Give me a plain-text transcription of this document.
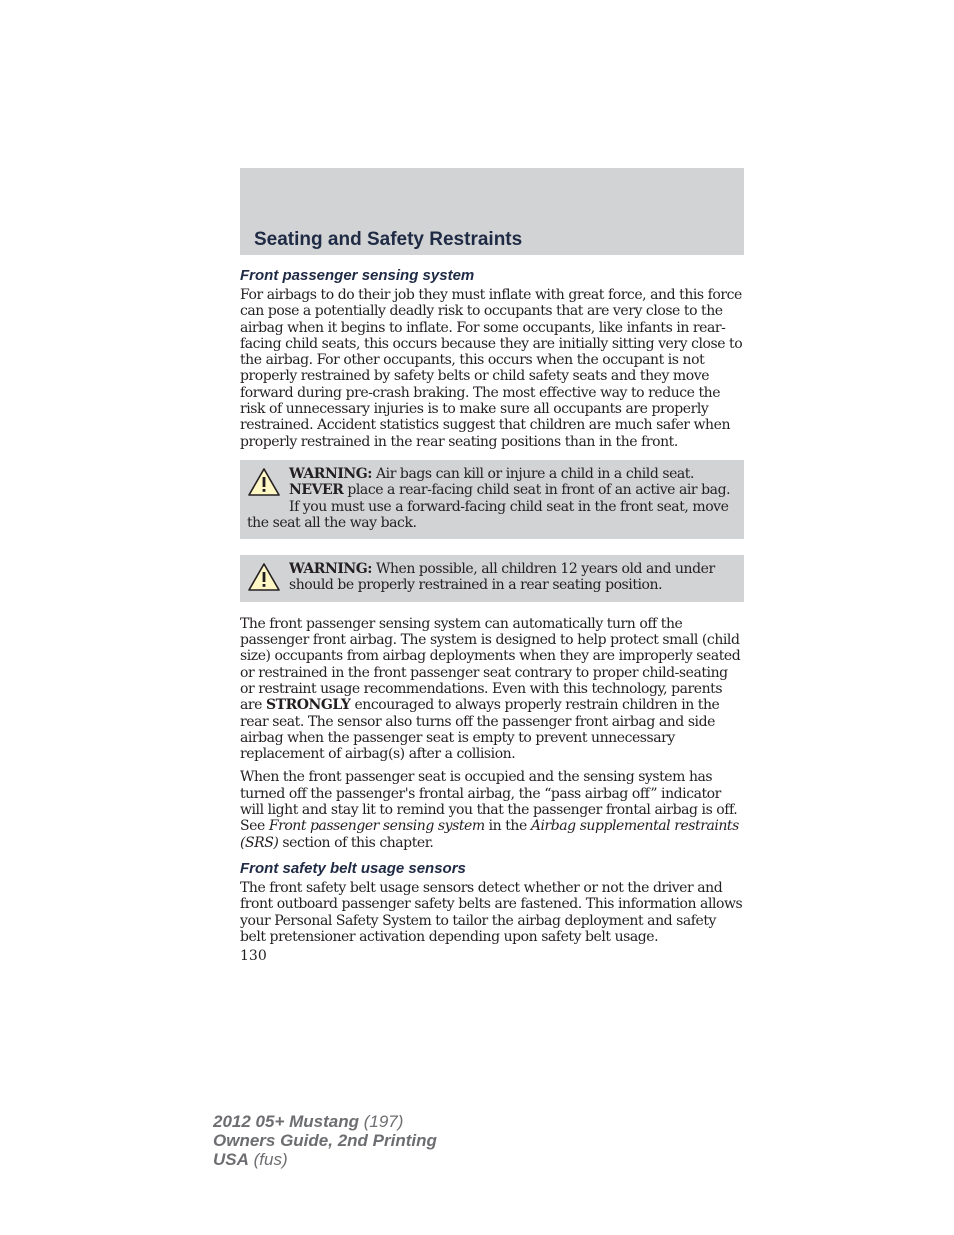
Seating and Safety Restraints
Front passenger sensing system

For airbags to do their job they must inflate with great force, and this force can pose a potentially deadly risk to occupants that are very close to the airbag when it begins to inflate. For some occupants, like infants in rear-facing child seats, this occurs because they are initially sitting very close to the airbag. For other occupants, this occurs when the occupant is not properly restrained by safety belts or child safety seats and they move forward during pre-crash braking. The most effective way to reduce the risk of unnecessary injuries is to make sure all occupants are properly restrained. Accident statistics suggest that children are much safer when properly restrained in the rear seating positions than in the front.

WARNING: Air bags can kill or injure a child in a child seat.
NEVER place a rear-facing child seat in front of an active air bag. If you must use a forward-facing child seat in the front seat, move the seat all the way back.
WARNING: When possible, all children 12 years old and under should be properly restrained in a rear seating position.

The front passenger sensing system can automatically turn off the passenger front airbag. The system is designed to help protect small (child size) occupants from airbag deployments when they are improperly seated or restrained in the front passenger seat contrary to proper child-seating or restraint usage recommendations. Even with this technology, parents are STRONGLY encouraged to always properly restrain children in the rear seat. The sensor also turns off the passenger front airbag and side airbag when the passenger seat is empty to prevent unnecessary replacement of airbag(s) after a collision.

When the front passenger seat is occupied and the sensing system has turned off the passenger's frontal airbag, the “pass airbag off” indicator will light and stay lit to remind you that the passenger frontal airbag is off. See Front passenger sensing system in the Airbag supplemental restraints (SRS) section of this chapter.

Front safety belt usage sensors

The front safety belt usage sensors detect whether or not the driver and front outboard passenger safety belts are fastened. This information allows your Personal Safety System to tailor the airbag deployment and safety belt pretensioner activation depending upon safety belt usage.

130
2012 05+ Mustang (197)
Owners Guide, 2nd Printing
USA (fus)
